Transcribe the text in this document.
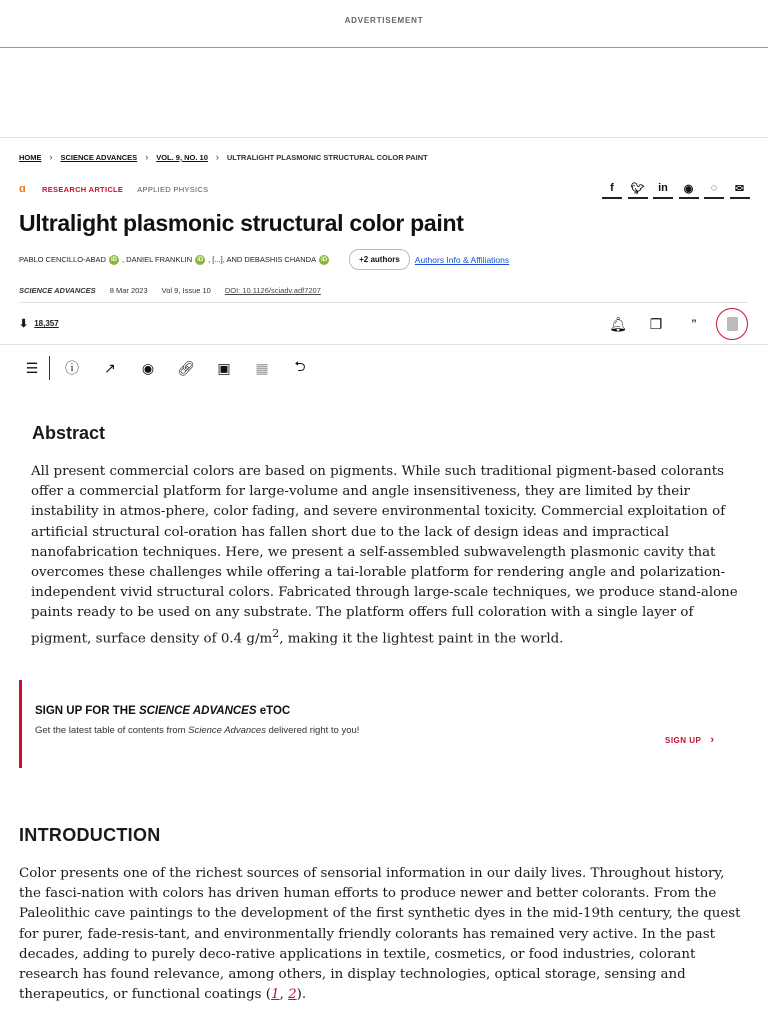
ADVERTISEMENT
HOME › SCIENCE ADVANCES › VOL. 9, NO. 10 › ULTRALIGHT PLASMONIC STRUCTURAL COLOR PAINT
ɑ RESEARCH ARTICLE APPLIED PHYSICS	f	🐦︎	in	◉	◌	✉
Ultralight plasmonic structural color paint
PABLO CENCILLO-ABAD iD , DANIEL FRANKLIN iD , [...], AND DEBASHIS CHANDA iD	+2 authors	Authors Info & Affiliations
SCIENCE ADVANCES 8 Mar 2023 Vol 9, Issue 10 DOI: 10.1126/sciadv.adf7207
⬇︎ 18,357	🔔︎	❐	”
☰	ⓘ	↗	◉	🔗︎	▣	▦	⮌
Abstract

All present commercial colors are based on pigments. While such traditional pigment-based colorants offer a commercial platform for large-volume and angle insensitiveness, they are limited by their instability in atmos-phere, color fading, and severe environmental toxicity. Commercial exploitation of artificial structural col-oration has fallen short due to the lack of design ideas and impractical nanofabrication techniques. Here, we present a self-assembled subwavelength plasmonic cavity that overcomes these challenges while offering a tai-lorable platform for rendering angle and polarization-independent vivid structural colors. Fabricated through large-scale techniques, we produce stand-alone paints ready to be used on any substrate. The platform offers full coloration with a single layer of pigment, surface density of 0.4 $g/m^2$, making it the lightest paint in the world.

SIGN UP FOR THE SCIENCE ADVANCES eTOC
Get the latest table of contents from Science Advances delivered right to you!
SIGN UP ›
INTRODUCTION

Color presents one of the richest sources of sensorial information in our daily lives. Throughout history, the fasci-nation with colors has driven human efforts to produce newer and better colorants. From the Paleolithic cave paintings to the development of the first synthetic dyes in the mid-19th century, the quest for purer, fade-resis-tant, and environmentally friendly colorants has remained very active. In the past decades, adding to purely deco-rative applications in textile, cosmetics, or food industries, colorant research has found relevance, among others, in display technologies, optical storage, sensing and therapeutics, or functional coatings (1, 2).
